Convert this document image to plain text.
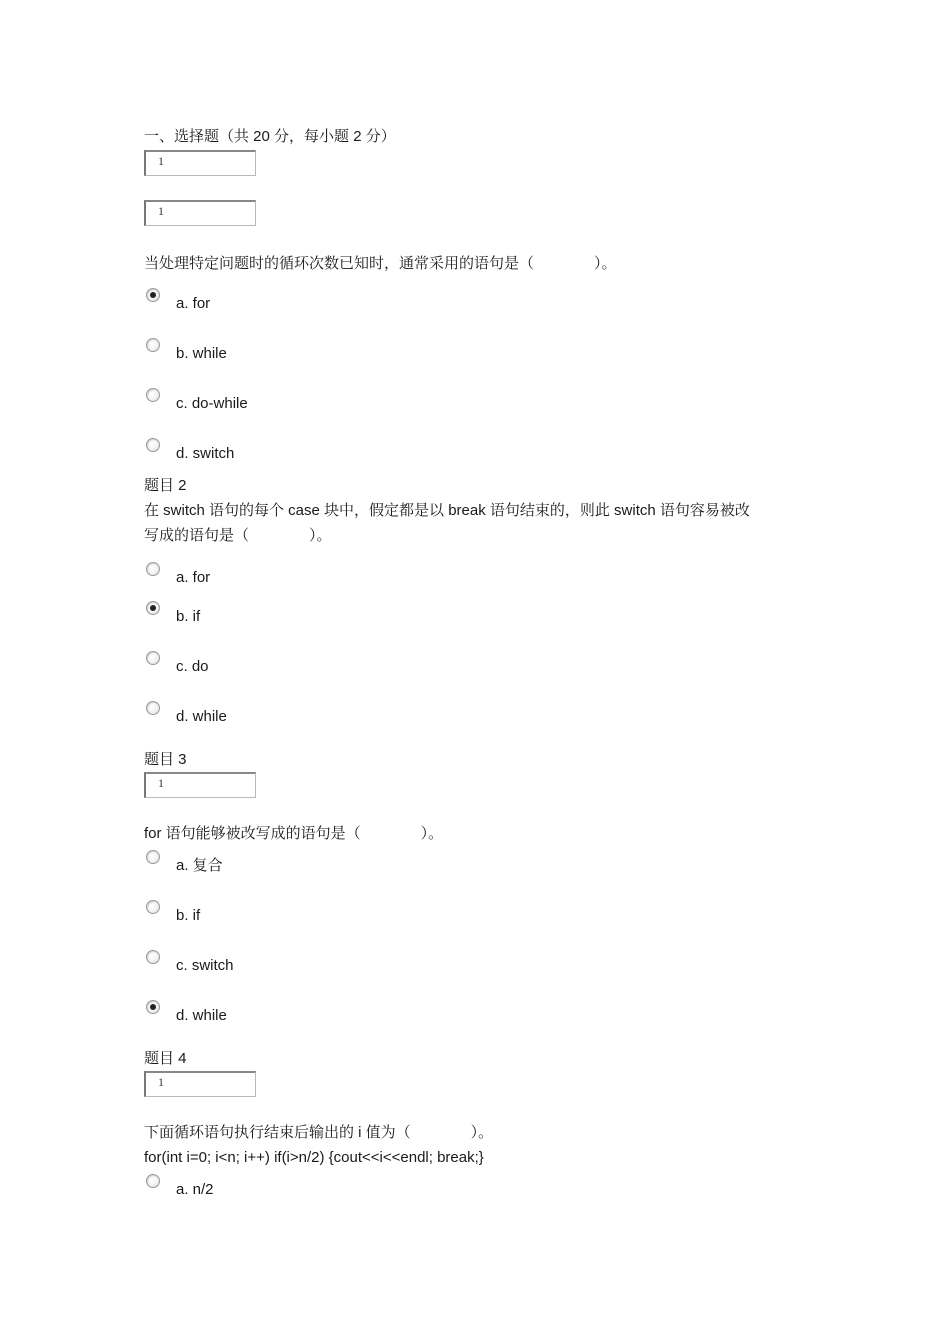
一、选择题（共 20 分，每小题 2 分）
1
1
当处理特定问题时的循环次数已知时，通常采用的语句是（　　　　）。
a. for
b. while
c. do-while
d. switch
题目 2
在 switch 语句的每个 case 块中，假定都是以 break 语句结束的，则此 switch 语句容易被改
写成的语句是（　　　　）。
a. for
b. if
c. do
d. while
题目 3
1
for 语句能够被改写成的语句是（　　　　）。
a. 复合
b. if
c. switch
d. while
题目 4
1
下面循环语句执行结束后输出的 i 值为（　　　　）。
for(int i=0; i<n; i++) if(i>n/2) {cout<<i<<endl; break;}
a. n/2
